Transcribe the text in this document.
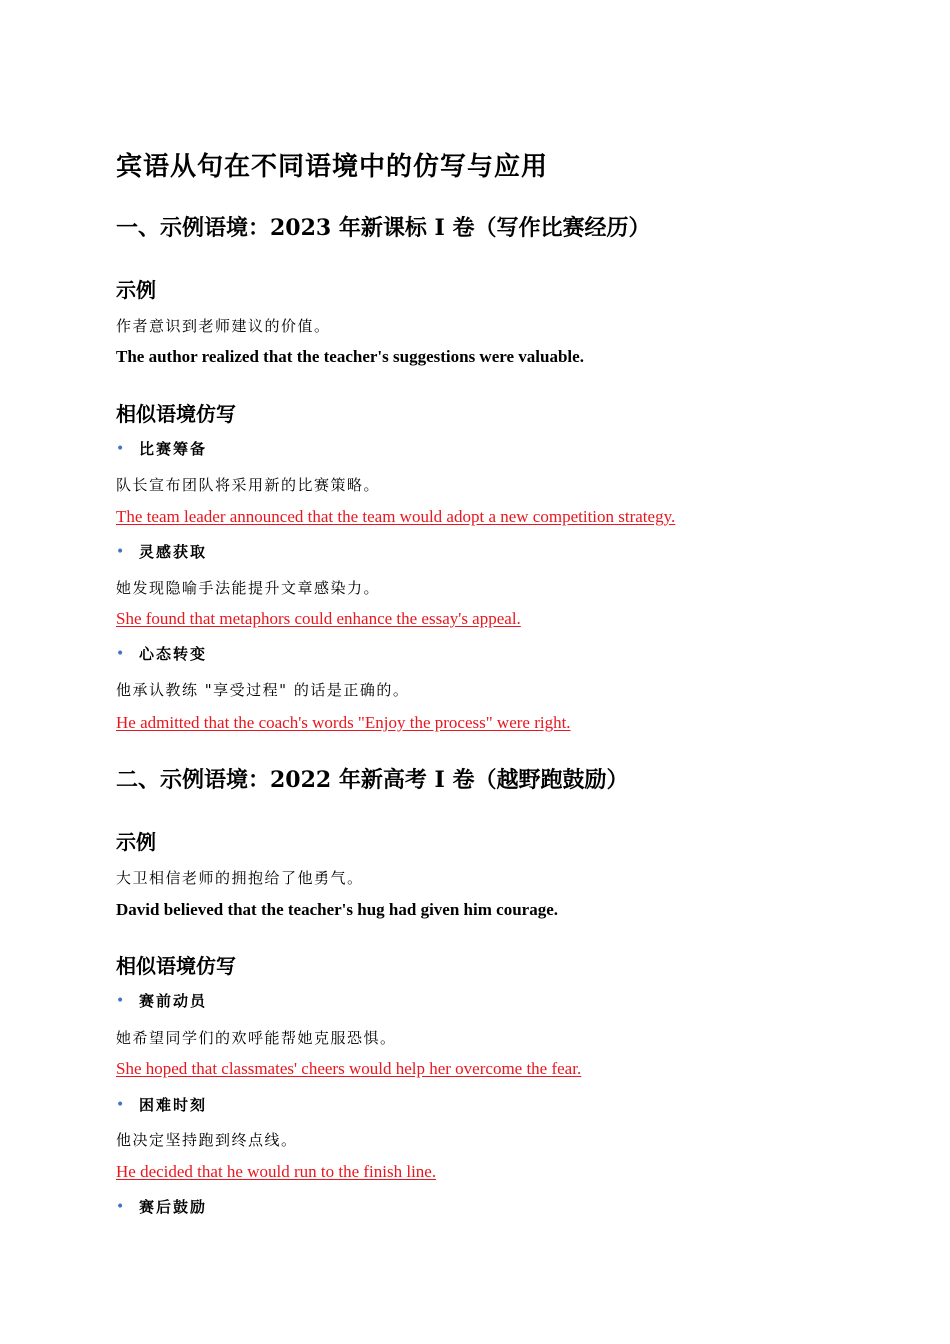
宾语从句在不同语境中的仿写与应用
一、示例语境：2023 年新课标 Ⅰ 卷（写作比赛经历）
示例
作者意识到老师建议的价值。
The author realized that the teacher's suggestions were valuable.
相似语境仿写
• 比赛筹备
队长宣布团队将采用新的比赛策略。
The team leader announced that the team would adopt a new competition strategy.
• 灵感获取
她发现隐喻手法能提升文章感染力。
She found that metaphors could enhance the essay's appeal.
• 心态转变
他承认教练 "享受过程" 的话是正确的。
He admitted that the coach's words "Enjoy the process" were right.
二、示例语境：2022 年新高考 Ⅰ 卷（越野跑鼓励）
示例
大卫相信老师的拥抱给了他勇气。
David believed that the teacher's hug had given him courage.
相似语境仿写
• 赛前动员
她希望同学们的欢呼能帮她克服恐惧。
She hoped that classmates' cheers would help her overcome the fear.
• 困难时刻
他决定坚持跑到终点线。
He decided that he would run to the finish line.
• 赛后鼓励
